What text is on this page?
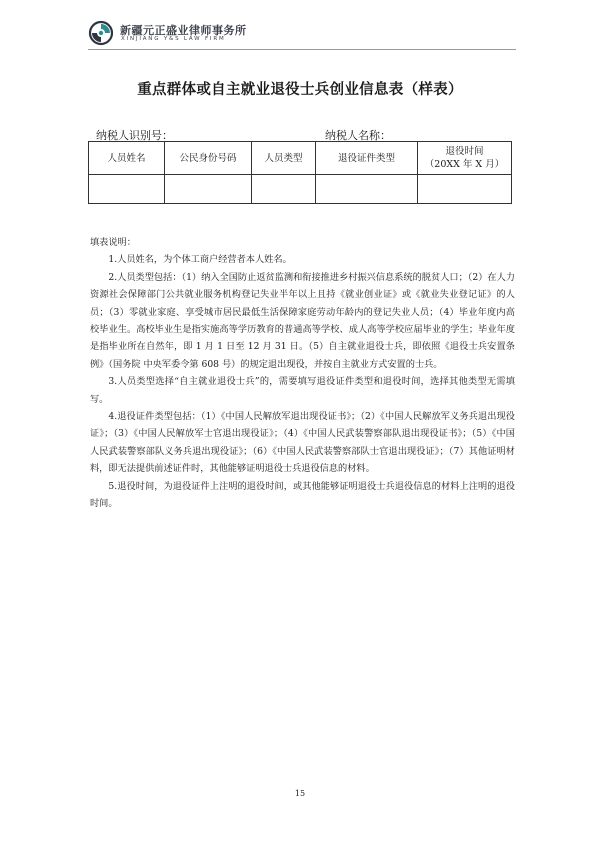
新疆元正盛业律师事务所
XINJIANG Y&S LAW FIRM
重点群体或自主就业退役士兵创业信息表（样表）
纳税人识别号：	纳税人名称：
人员姓名	公民身份号码	人员类型	退役证件类型	退役时间
（20XX 年 X 月）

填表说明：

1.人员姓名，为个体工商户经营者本人姓名。

2.人员类型包括：（1）纳入全国防止返贫监测和衔接推进乡村振兴信息系统的脱贫人口；（2）在人力资源社会保障部门公共就业服务机构登记失业半年以上且持《就业创业证》或《就业失业登记证》的人员；（3）零就业家庭、享受城市居民最低生活保障家庭劳动年龄内的登记失业人员；（4）毕业年度内高校毕业生。高校毕业生是指实施高等学历教育的普通高等学校、成人高等学校应届毕业的学生；毕业年度是指毕业所在自然年，即 1 月 1 日至 12 月 31 日。（5）自主就业退役士兵，即依照《退役士兵安置条例》（国务院 中央军委令第 608 号）的规定退出现役，并按自主就业方式安置的士兵。

3.人员类型选择“自主就业退役士兵”的，需要填写退役证件类型和退役时间，选择其他类型无需填写。

4.退役证件类型包括：（1）《中国人民解放军退出现役证书》；（2）《中国人民解放军义务兵退出现役证》；（3）《中国人民解放军士官退出现役证》；（4）《中国人民武装警察部队退出现役证书》；（5）《中国人民武装警察部队义务兵退出现役证》；（6）《中国人民武装警察部队士官退出现役证》；（7）其他证明材料，即无法提供前述证件时，其他能够证明退役士兵退役信息的材料。

5.退役时间，为退役证件上注明的退役时间，或其他能够证明退役士兵退役信息的材料上注明的退役时间。

15
